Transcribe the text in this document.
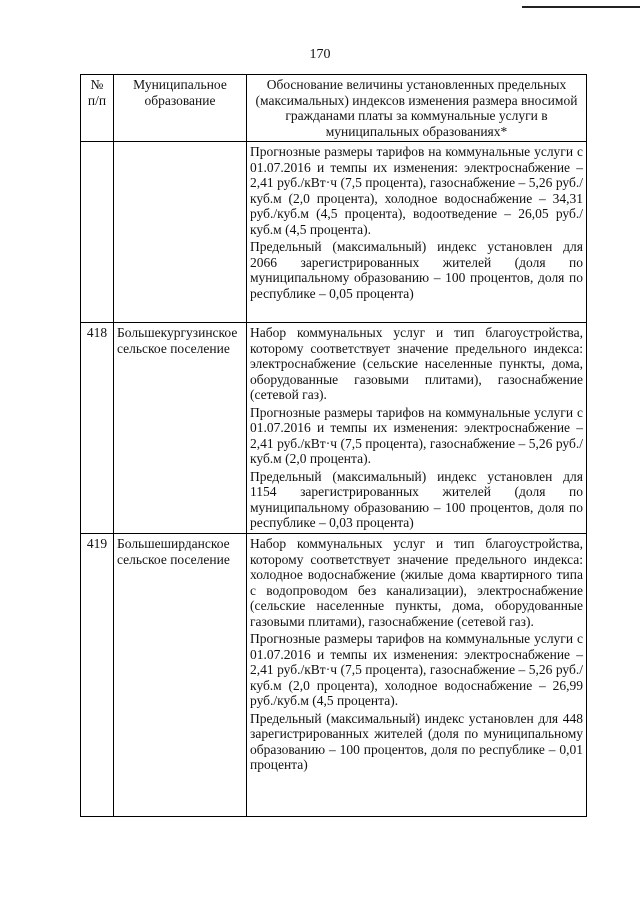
170
№ п/п	Муниципальное образование	Обоснование величины установленных предельных (максимальных) индексов изменения размера вносимой гражданами платы за коммунальные услуги в муниципальных образованиях*

		Прогнозные размеры тарифов на коммунальные услуги с 01.07.2016 и темпы их изменения: электроснабжение – 2,41 руб./кВт·ч (7,5 процента), газоснабжение – 5,26 руб./куб.м (2,0 процента), холодное водоснабжение – 34,31 руб./куб.м (4,5 процента), водоотведение – 26,05 руб./куб.м (4,5 процента).

Предельный (максимальный) индекс установлен для 2066 зарегистрированных жителей (доля по муниципальному образованию – 100 процентов, доля по республике – 0,05 процента)

418	Большекургузинское сельское поселение	Набор коммунальных услуг и тип благоустройства, которому соответствует значение предельного индекса: электроснабжение (сельские населенные пункты, дома, оборудованные газовыми плитами), газоснабжение (сетевой газ).

Прогнозные размеры тарифов на коммунальные услуги с 01.07.2016 и темпы их изменения: электроснабжение – 2,41 руб./кВт·ч (7,5 процента), газоснабжение – 5,26 руб./куб.м (2,0 процента).

Предельный (максимальный) индекс установлен для 1154 зарегистрированных жителей (доля по муниципальному образованию – 100 процентов, доля по республике – 0,03 процента)

419	Большеширданское сельское поселение	Набор коммунальных услуг и тип благоустройства, которому соответствует значение предельного индекса: холодное водоснабжение (жилые дома квартирного типа с водопроводом без канализации), электроснабжение (сельские населенные пункты, дома, оборудованные газовыми плитами), газоснабжение (сетевой газ).

Прогнозные размеры тарифов на коммунальные услуги с 01.07.2016 и темпы их изменения: электроснабжение – 2,41 руб./кВт·ч (7,5 процента), газоснабжение – 5,26 руб./куб.м (2,0 процента), холодное водоснабжение – 26,99 руб./куб.м (4,5 процента).

Предельный (максимальный) индекс установлен для 448 зарегистрированных жителей (доля по муниципальному образованию – 100 процентов, доля по республике – 0,01 процента)
